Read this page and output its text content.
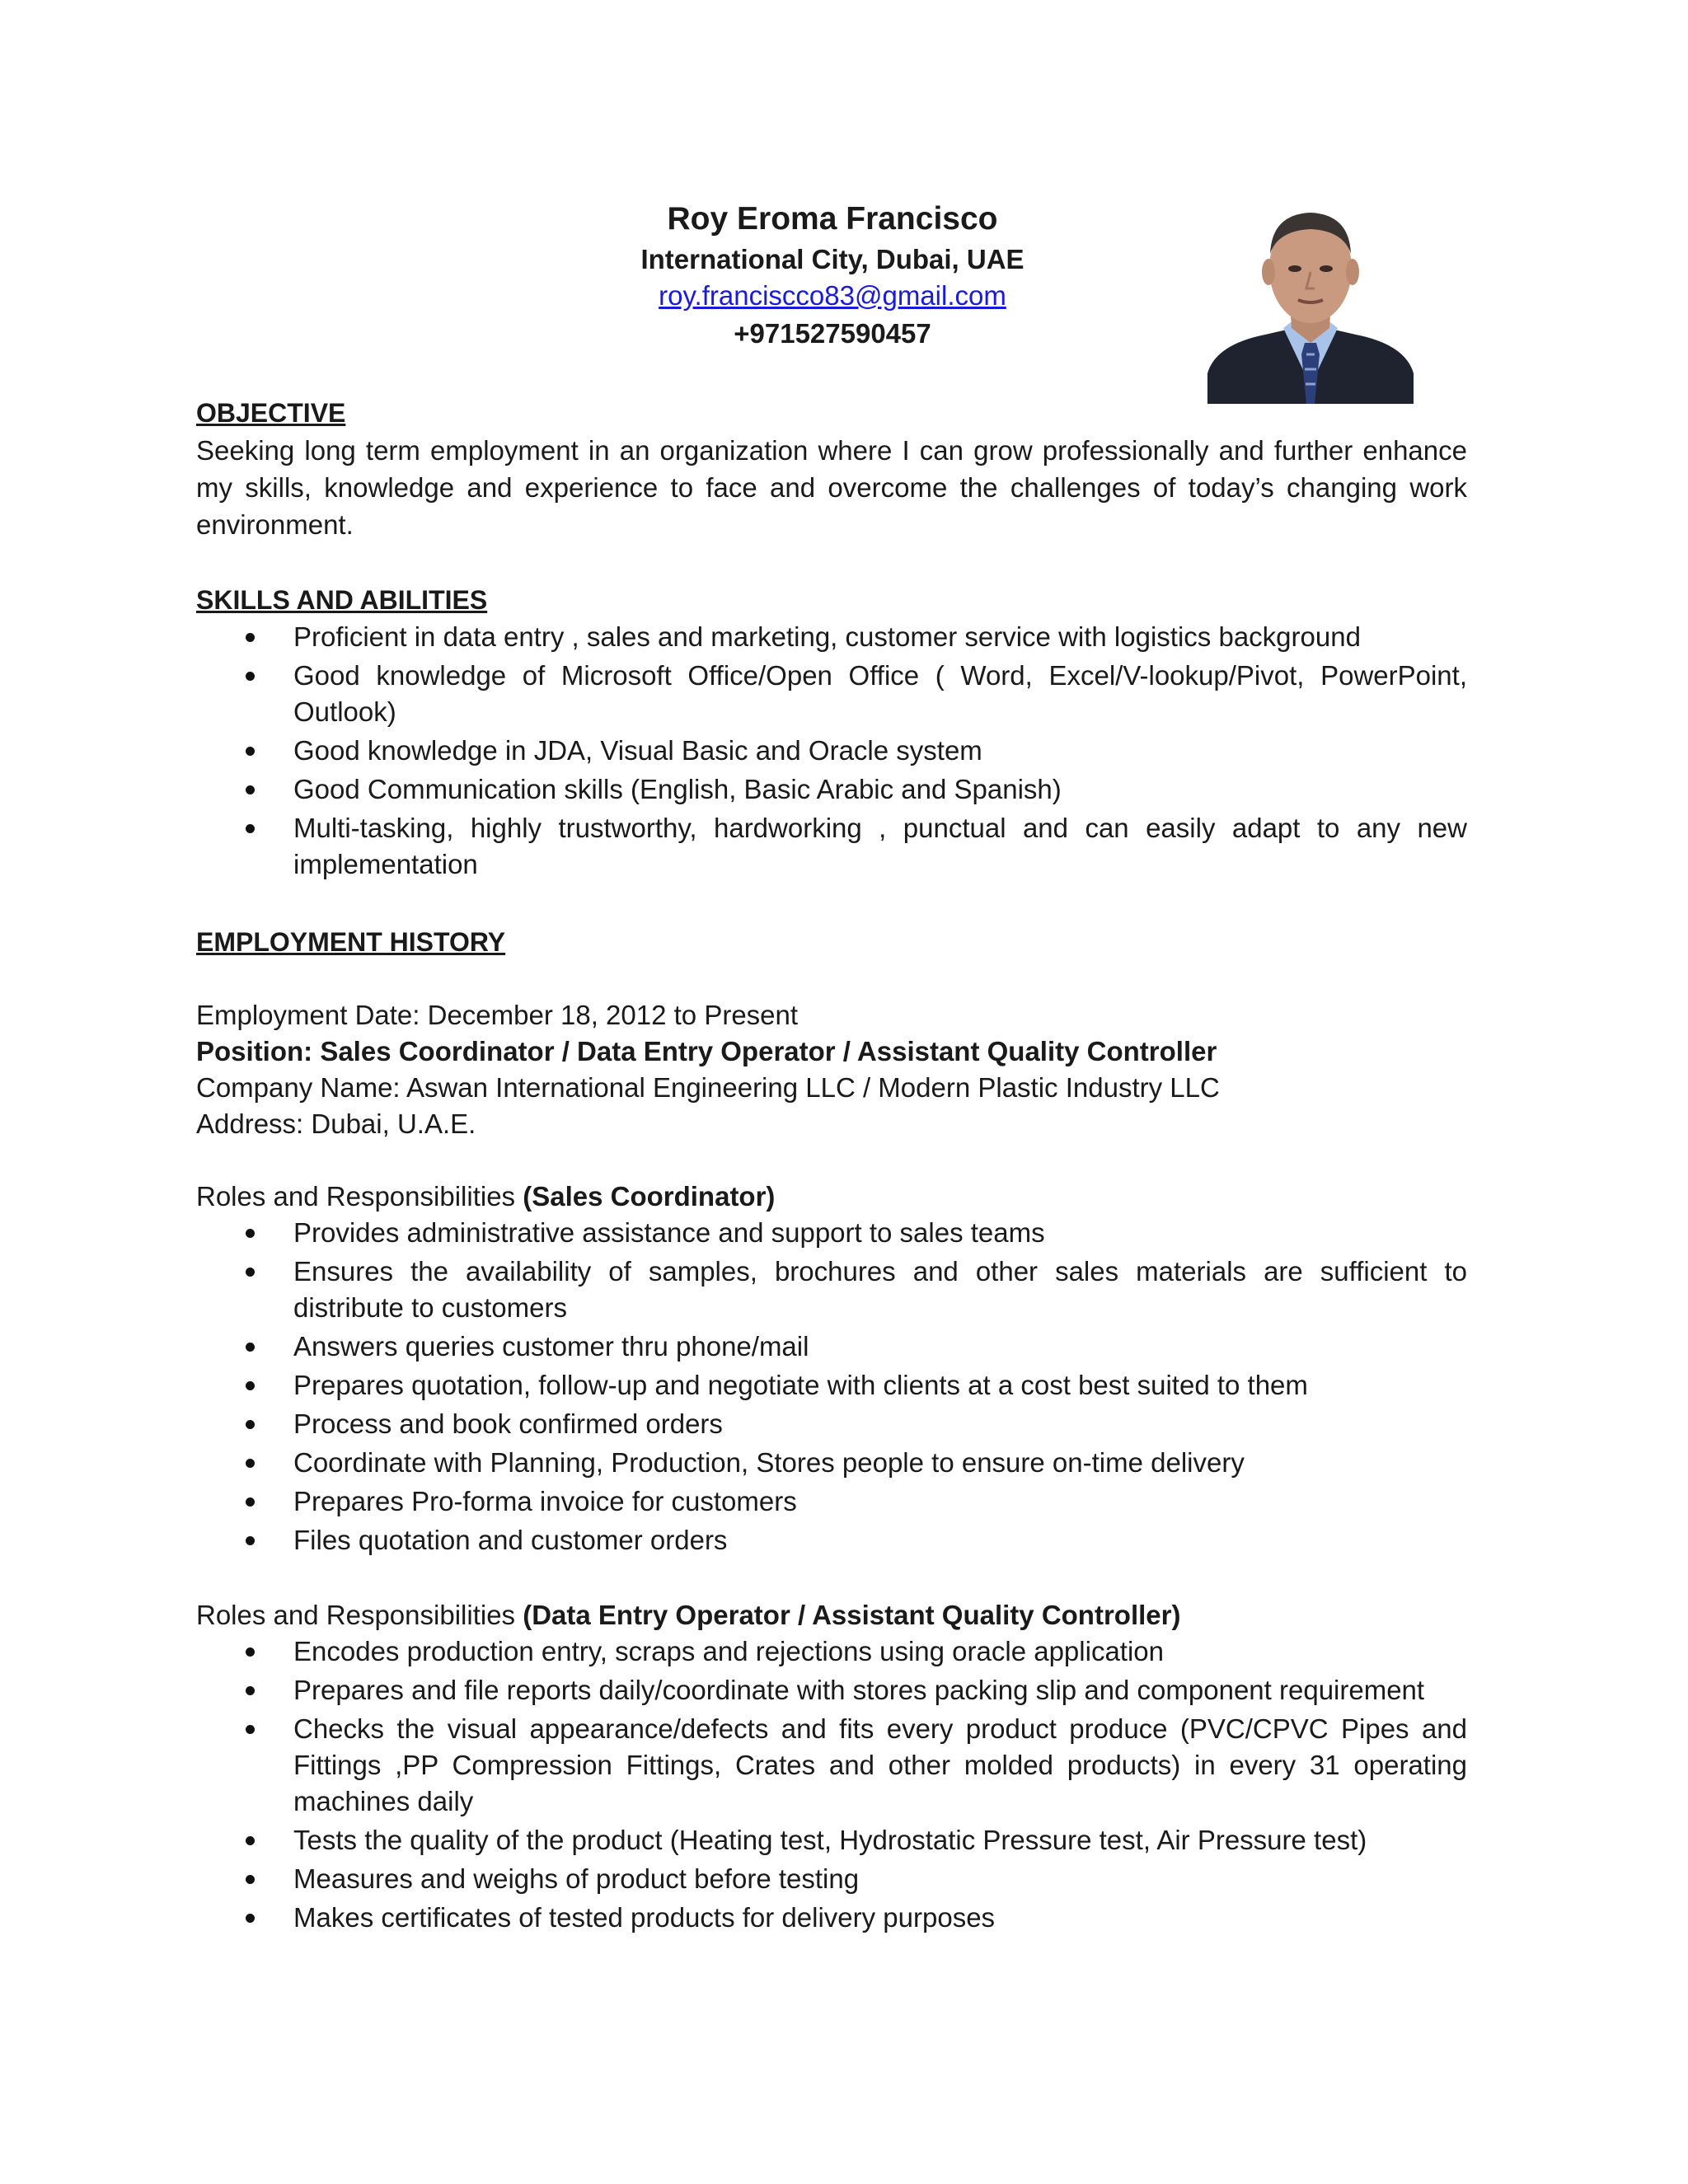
Roy Eroma Francisco

International City, Dubai, UAE

roy.franciscco83@gmail.com
+971527590457

OBJECTIVE

Seeking long term employment in an organization where I can grow professionally and further enhance my skills, knowledge and experience to face and overcome the challenges of today’s changing work environment.

SKILLS AND ABILITIES

Proficient in data entry , sales and marketing, customer service with logistics background
Good knowledge of Microsoft Office/Open Office ( Word, Excel/V-lookup/Pivot, PowerPoint, Outlook)
Good knowledge in JDA, Visual Basic and Oracle system
Good Communication skills (English, Basic Arabic and Spanish)
Multi-tasking, highly trustworthy, hardworking , punctual and can easily adapt to any new implementation

EMPLOYMENT HISTORY

Employment Date: December 18, 2012 to Present

Position: Sales Coordinator / Data Entry Operator / Assistant Quality Controller

Company Name: Aswan International Engineering LLC / Modern Plastic Industry LLC

Address: Dubai, U.A.E.

Roles and Responsibilities (Sales Coordinator)

Provides administrative assistance and support to sales teams
Ensures the availability of samples, brochures and other sales materials are sufficient to distribute to customers
Answers queries customer thru phone/mail
Prepares quotation, follow-up and negotiate with clients at a cost best suited to them
Process and book confirmed orders
Coordinate with Planning, Production, Stores people to ensure on-time delivery
Prepares Pro-forma invoice for customers
Files quotation and customer orders

Roles and Responsibilities (Data Entry Operator / Assistant Quality Controller)

Encodes production entry, scraps and rejections using oracle application
Prepares and file reports daily/coordinate with stores packing slip and component requirement
Checks the visual appearance/defects and fits every product produce (PVC/CPVC Pipes and Fittings ,PP Compression Fittings, Crates and other molded products) in every 31 operating machines daily
Tests the quality of the product (Heating test, Hydrostatic Pressure test, Air Pressure test)
Measures and weighs of product before testing
Makes certificates of tested products for delivery purposes
